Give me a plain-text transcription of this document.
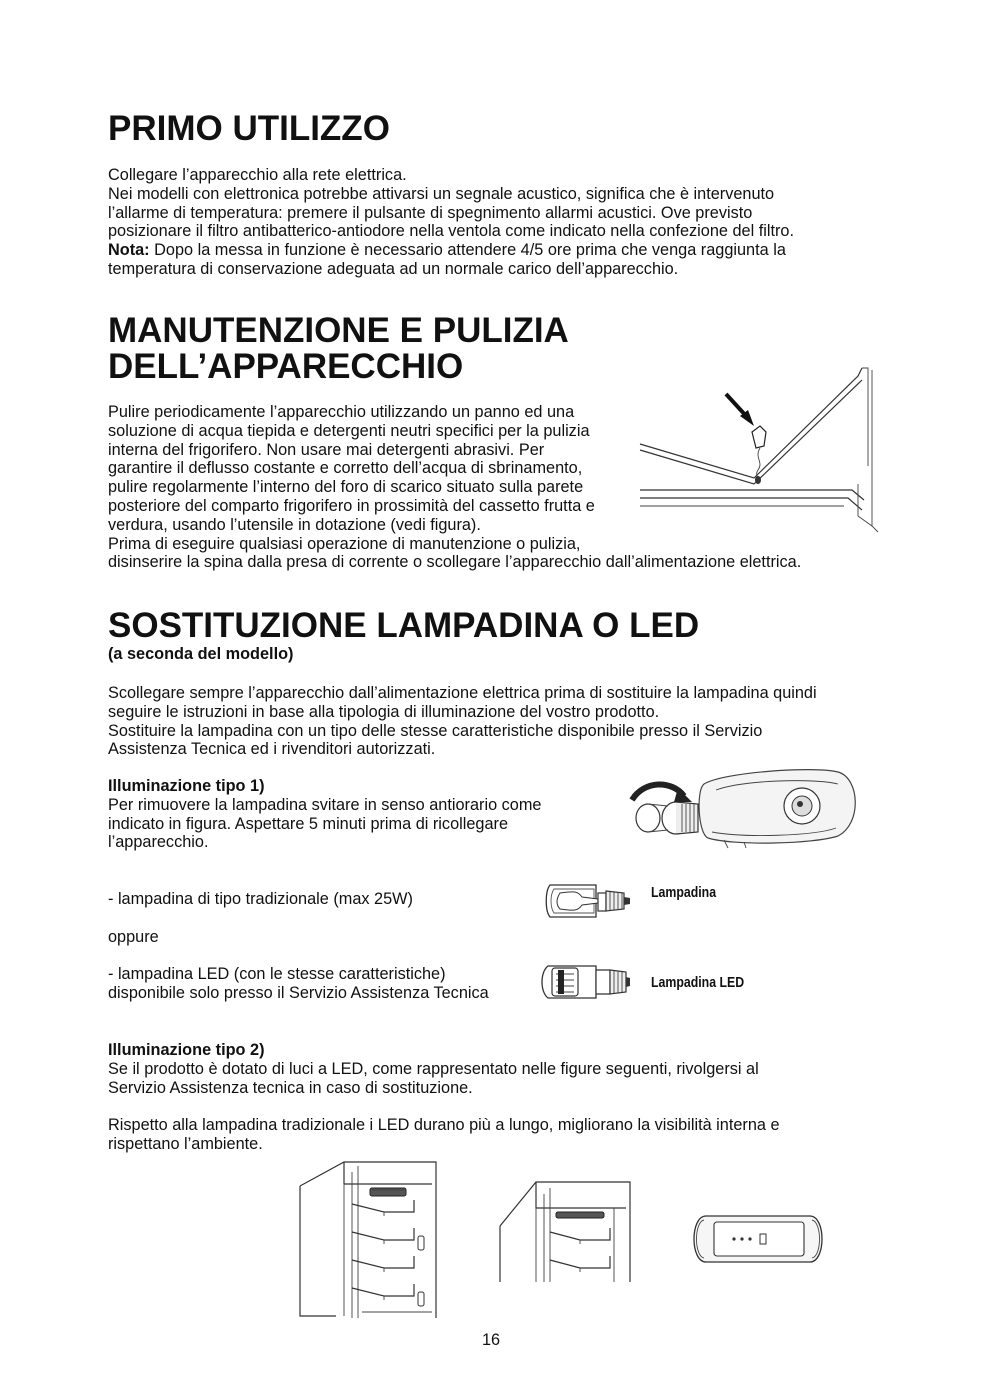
PRIMO UTILIZZO

Collegare l’apparecchio alla rete elettrica.

Nei modelli con elettronica potrebbe attivarsi un segnale acustico, significa che è intervenuto

l’allarme di temperatura: premere il pulsante di spegnimento allarmi acustici. Ove previsto

posizionare il filtro antibatterico-antiodore nella ventola come indicato nella confezione del filtro.

Nota: Dopo la messa in funzione è necessario attendere 4/5 ore prima che venga raggiunta la

temperatura di conservazione adeguata ad un normale carico dell’apparecchio.

MANUTENZIONE E PULIZIA
DELL’APPARECCHIO

Pulire periodicamente l’apparecchio utilizzando un panno ed una

soluzione di acqua tiepida e detergenti neutri specifici per la pulizia

interna del frigorifero. Non usare mai detergenti abrasivi. Per

garantire il deflusso costante e corretto dell’acqua di sbrinamento,

pulire regolarmente l’interno del foro di scarico situato sulla parete

posteriore del comparto frigorifero in prossimità del cassetto frutta e

verdura, usando l’utensile in dotazione (vedi figura).

Prima di eseguire qualsiasi operazione di manutenzione o pulizia,

disinserire la spina dalla presa di corrente o scollegare l’apparecchio dall’alimentazione elettrica.

SOSTITUZIONE LAMPADINA O LED
(a seconda del modello)

Scollegare sempre l’apparecchio dall’alimentazione elettrica prima di sostituire la lampadina quindi

seguire le istruzioni in base alla tipologia di illuminazione del vostro prodotto.

Sostituire la lampadina con un tipo delle stesse caratteristiche disponibile presso il Servizio

Assistenza Tecnica ed i rivenditori autorizzati.

Illuminazione tipo 1)

Per rimuovere la lampadina svitare in senso antiorario come

indicato in figura. Aspettare 5 minuti prima di ricollegare

l’apparecchio.

- lampadina di tipo tradizionale (max 25W)
oppure

- lampadina LED (con le stesse caratteristiche)

disponibile solo presso il Servizio Assistenza Tecnica

Lampadina
Lampadina LED

Illuminazione tipo 2)

Se il prodotto è dotato di luci a LED, come rappresentato nelle figure seguenti, rivolgersi al

Servizio Assistenza tecnica in caso di sostituzione.

Rispetto alla lampadina tradizionale i LED durano più a lungo, migliorano la visibilità interna e

rispettano l’ambiente.

16
